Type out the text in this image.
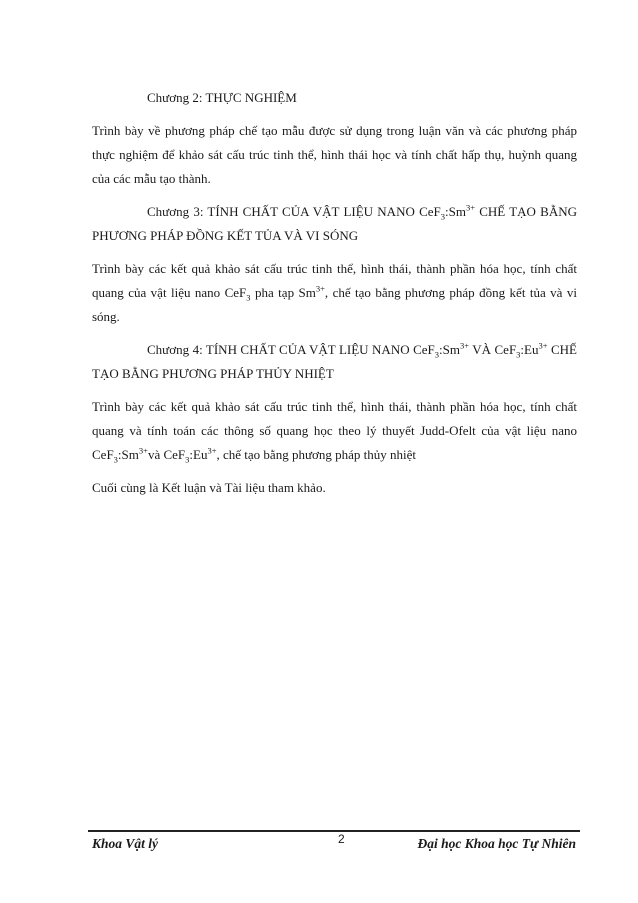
Chương 2: THỰC NGHIỆM

Trình bày về phương pháp chế tạo mẫu được sử dụng trong luận văn và các phương pháp thực nghiệm để khảo sát cấu trúc tinh thể, hình thái học và tính chất hấp thụ, huỳnh quang của các mẫu tạo thành.

Chương 3: TÍNH CHẤT CỦA VẬT LIỆU NANO $CeF_3:Sm^{3+}$ CHẾ TẠO BẰNG PHƯƠNG PHÁP ĐỒNG KẾT TỦA VÀ VI SÓNG

Trình bày các kết quả khảo sát cấu trúc tinh thể, hình thái, thành phần hóa học, tính chất quang của vật liệu nano CeF$_3$ pha tạp $Sm^{3+}$, chế tạo bằng phương pháp đồng kết tủa và vi sóng.

Chương 4: TÍNH CHẤT CỦA VẬT LIỆU NANO $CeF_3:Sm^{3+}$ VÀ $CeF_3:Eu^{3+}$ CHẾ TẠO BẰNG PHƯƠNG PHÁP THỦY NHIỆT

Trình bày các kết quả khảo sát cấu trúc tinh thể, hình thái, thành phần hóa học, tính chất quang và tính toán các thông số quang học theo lý thuyết Judd-Ofelt của vật liệu nano $CeF_3:Sm^{3+}và$ $CeF_3:Eu^{3+}$, chế tạo bằng phương pháp thủy nhiệt

Cuối cùng là Kết luận và Tài liệu tham khảo.

Khoa Vật lý	2	Đại học Khoa học Tự Nhiên
